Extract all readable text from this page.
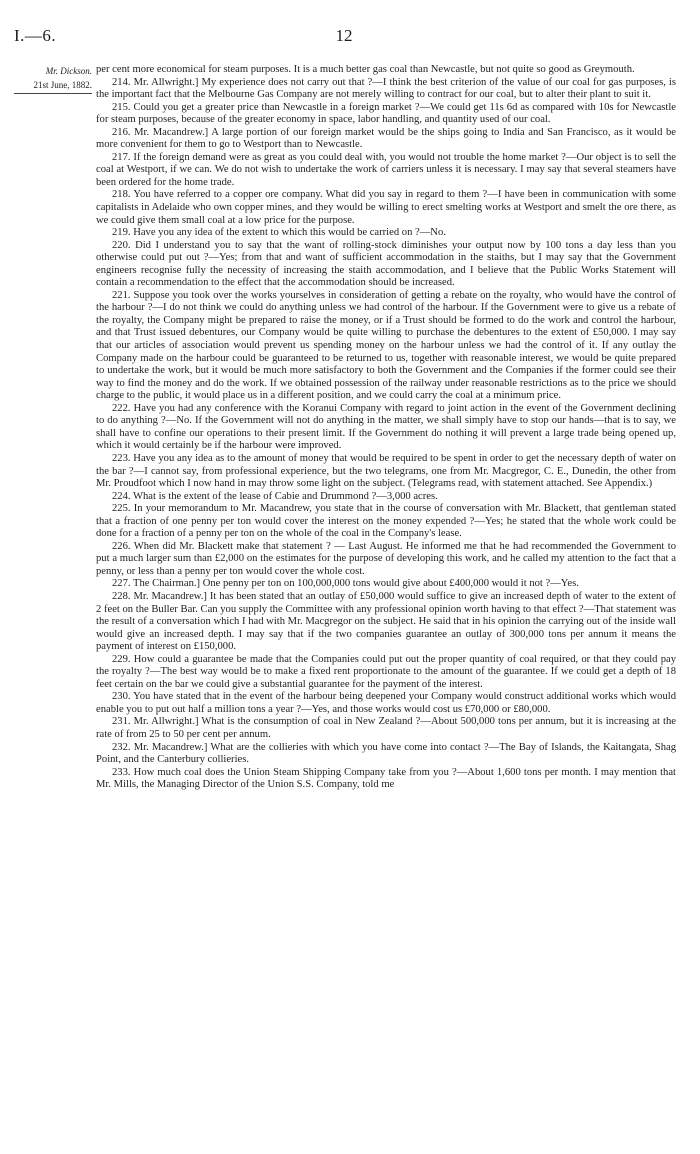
I.—6.	12
Mr. Dickson.
21st June, 1882.

per cent more economical for steam purposes. It is a much better gas coal than Newcastle, but not quite so good as Greymouth.

214. Mr. Allwright.] My experience does not carry out that ?—I think the best criterion of the value of our coal for gas purposes, is the important fact that the Melbourne Gas Company are not merely willing to contract for our coal, but to alter their plant to suit it.

215. Could you get a greater price than Newcastle in a foreign market ?—We could get 11s 6d as compared with 10s for Newcastle for steam purposes, because of the greater economy in space, labor handling, and quantity used of our coal.

216. Mr. Macandrew.] A large portion of our foreign market would be the ships going to India and San Francisco, as it would be more convenient for them to go to Westport than to Newcastle.

217. If the foreign demand were as great as you could deal with, you would not trouble the home market ?—Our object is to sell the coal at Westport, if we can. We do not wish to undertake the work of carriers unless it is necessary. I may say that several steamers have been ordered for the home trade.

218. You have referred to a copper ore company. What did you say in regard to them ?—I have been in communication with some capitalists in Adelaide who own copper mines, and they would be willing to erect smelting works at Westport and smelt the ore there, as we could give them small coal at a low price for the purpose.

219. Have you any idea of the extent to which this would be carried on ?—No.

220. Did I understand you to say that the want of rolling-stock diminishes your output now by 100 tons a day less than you otherwise could put out ?—Yes; from that and want of sufficient accommodation in the staiths, but I may say that the Government engineers recognise fully the necessity of increasing the staith accommodation, and I believe that the Public Works Statement will contain a recommendation to the effect that the accommodation should be increased.

221. Suppose you took over the works yourselves in consideration of getting a rebate on the royalty, who would have the control of the harbour ?—I do not think we could do anything unless we had control of the harbour. If the Government were to give us a rebate of the royalty, the Company might be prepared to raise the money, or if a Trust should be formed to do the work and control the harbour, and that Trust issued debentures, our Company would be quite willing to purchase the debentures to the extent of £50,000. I may say that our articles of association would prevent us spending money on the harbour unless we had the control of it. If any outlay the Company made on the harbour could be guaranteed to be returned to us, together with reasonable interest, we would be quite prepared to undertake the work, but it would be much more satisfactory to both the Government and the Companies if the former could see their way to find the money and do the work. If we obtained possession of the railway under reasonable restrictions as to the price we should charge to the public, it would place us in a different position, and we could carry the coal at a minimum price.

222. Have you had any conference with the Koranui Company with regard to joint action in the event of the Government declining to do anything ?—No. If the Government will not do anything in the matter, we shall simply have to stop our hands—that is to say, we shall have to confine our operations to their present limit. If the Government do nothing it will prevent a large trade being opened up, which it would certainly be if the harbour were improved.

223. Have you any idea as to the amount of money that would be required to be spent in order to get the necessary depth of water on the bar ?—I cannot say, from professional experience, but the two telegrams, one from Mr. Macgregor, C. E., Dunedin, the other from Mr. Proudfoot which I now hand in may throw some light on the subject. (Telegrams read, with statement attached. See Appendix.)

224. What is the extent of the lease of Cabie and Drummond ?—3,000 acres.

225. In your memorandum to Mr. Macandrew, you state that in the course of conversation with Mr. Blackett, that gentleman stated that a fraction of one penny per ton would cover the interest on the money expended ?—Yes; he stated that the whole work could be done for a fraction of a penny per ton on the whole of the coal in the Company's lease.

226. When did Mr. Blackett make that statement ? — Last August. He informed me that he had recommended the Government to put a much larger sum than £2,000 on the estimates for the purpose of developing this work, and he called my attention to the fact that a penny, or less than a penny per ton would cover the whole cost.

227. The Chairman.] One penny per ton on 100,000,000 tons would give about £400,000 would it not ?—Yes.

228. Mr. Macandrew.] It has been stated that an outlay of £50,000 would suffice to give an increased depth of water to the extent of 2 feet on the Buller Bar. Can you supply the Committee with any professional opinion worth having to that effect ?—That statement was the result of a conversation which I had with Mr. Macgregor on the subject. He said that in his opinion the carrying out of the inside wall would give an increased depth. I may say that if the two companies guarantee an outlay of 300,000 tons per annum it means the payment of interest on £150,000.

229. How could a guarantee be made that the Companies could put out the proper quantity of coal required, or that they could pay the royalty ?—The best way would be to make a fixed rent proportionate to the amount of the guarantee. If we could get a depth of 18 feet certain on the bar we could give a substantial guarantee for the payment of the interest.

230. You have stated that in the event of the harbour being deepened your Company would construct additional works which would enable you to put out half a million tons a year ?—Yes, and those works would cost us £70,000 or £80,000.

231. Mr. Allwright.] What is the consumption of coal in New Zealand ?—About 500,000 tons per annum, but it is increasing at the rate of from 25 to 50 per cent per annum.

232. Mr. Macandrew.] What are the collieries with which you have come into contact ?—The Bay of Islands, the Kaitangata, Shag Point, and the Canterbury collieries.

233. How much coal does the Union Steam Shipping Company take from you ?—About 1,600 tons per month. I may mention that Mr. Mills, the Managing Director of the Union S.S. Company, told me
